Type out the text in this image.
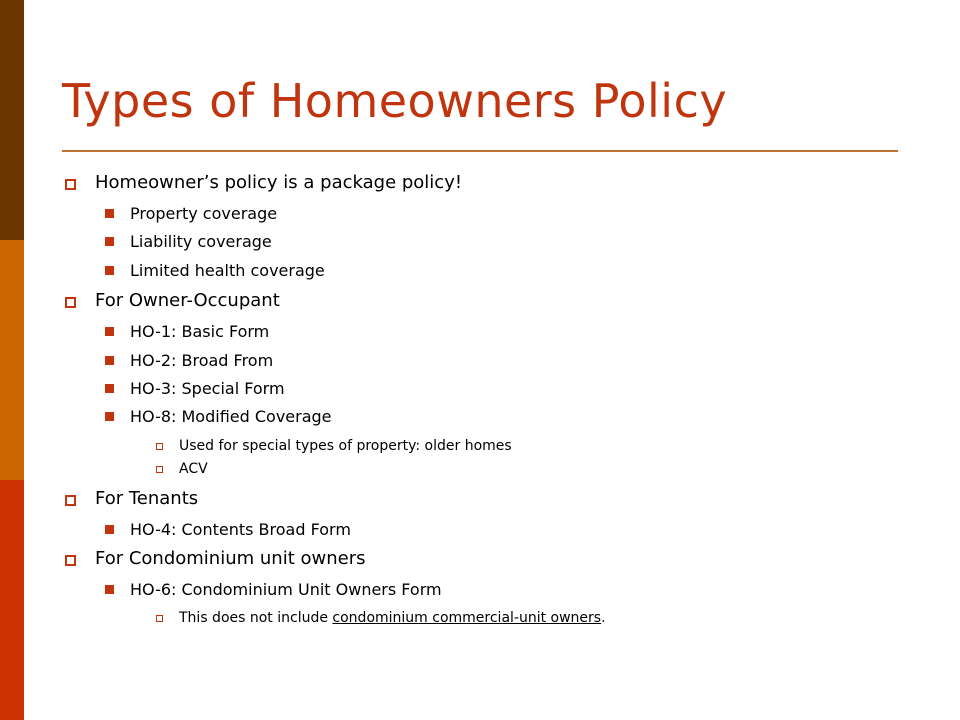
Types of Homeowners Policy
Homeowner’s policy is a package policy!
Property coverage
Liability coverage
Limited health coverage
For Owner-Occupant
HO-1: Basic Form
HO-2: Broad From
HO-3: Special Form
HO-8: Modified Coverage
Used for special types of property: older homes
ACV
For Tenants
HO-4: Contents Broad Form
For Condominium unit owners
HO-6: Condominium Unit Owners Form
This does not include condominium commercial-unit owners.
